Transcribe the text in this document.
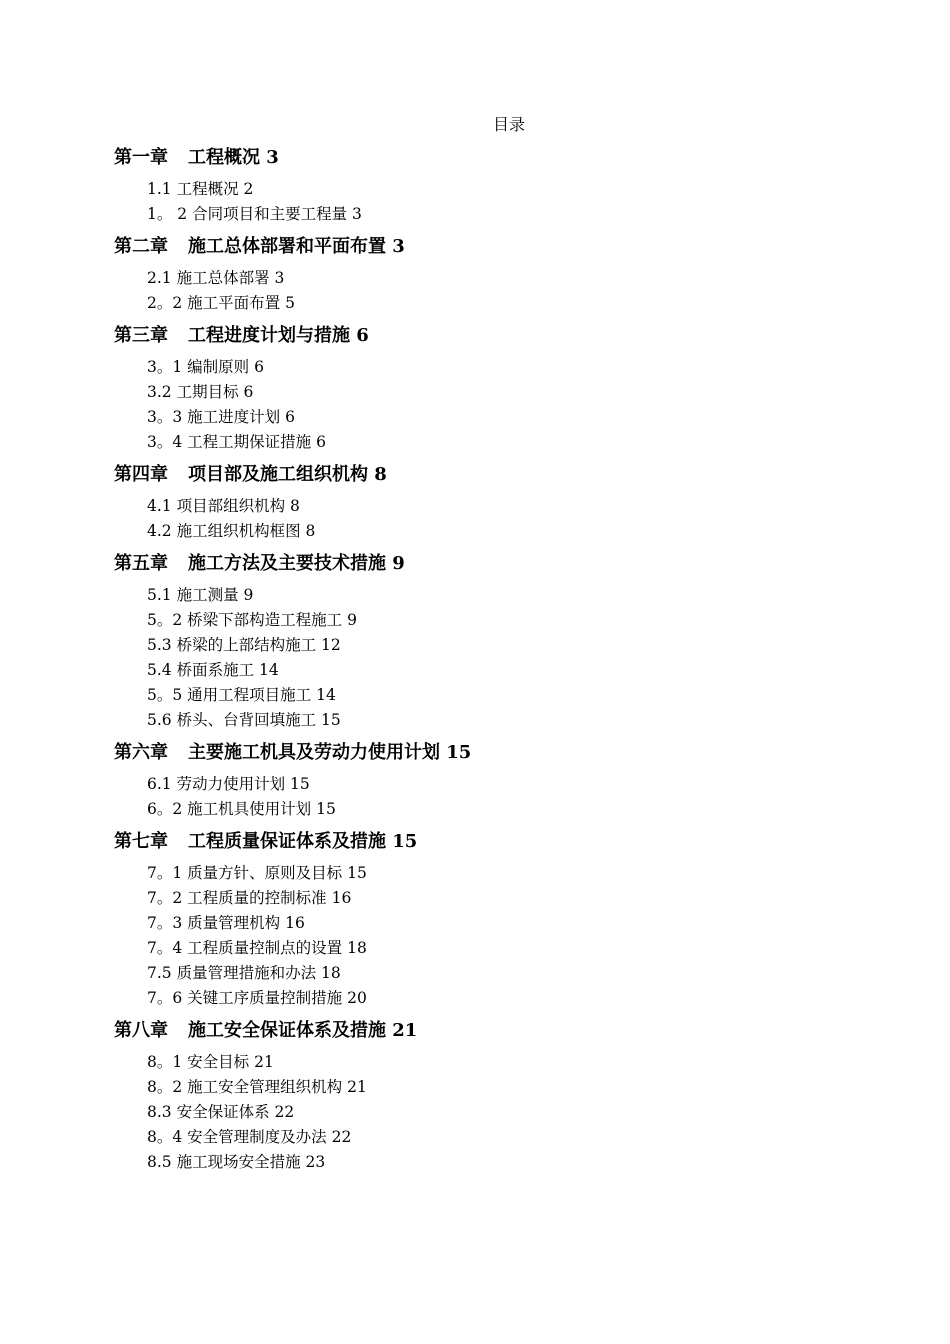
目录
第一章 工程概况 3
1.1 工程概况 2
1。 2 合同项目和主要工程量 3
第二章 施工总体部署和平面布置 3
2.1 施工总体部署 3
2。2 施工平面布置 5
第三章 工程进度计划与措施 6
3。1 编制原则 6
3.2 工期目标 6
3。3 施工进度计划 6
3。4 工程工期保证措施 6
第四章 项目部及施工组织机构 8
4.1 项目部组织机构 8
4.2 施工组织机构框图 8
第五章 施工方法及主要技术措施 9
5.1 施工测量 9
5。2 桥梁下部构造工程施工 9
5.3 桥梁的上部结构施工 12
5.4 桥面系施工 14
5。5 通用工程项目施工 14
5.6 桥头、台背回填施工 15
第六章 主要施工机具及劳动力使用计划 15
6.1 劳动力使用计划 15
6。2 施工机具使用计划 15
第七章 工程质量保证体系及措施 15
7。1 质量方针、原则及目标 15
7。2 工程质量的控制标准 16
7。3 质量管理机构 16
7。4 工程质量控制点的设置 18
7.5 质量管理措施和办法 18
7。6 关键工序质量控制措施 20
第八章 施工安全保证体系及措施 21
8。1 安全目标 21
8。2 施工安全管理组织机构 21
8.3 安全保证体系 22
8。4 安全管理制度及办法 22
8.5 施工现场安全措施 23
